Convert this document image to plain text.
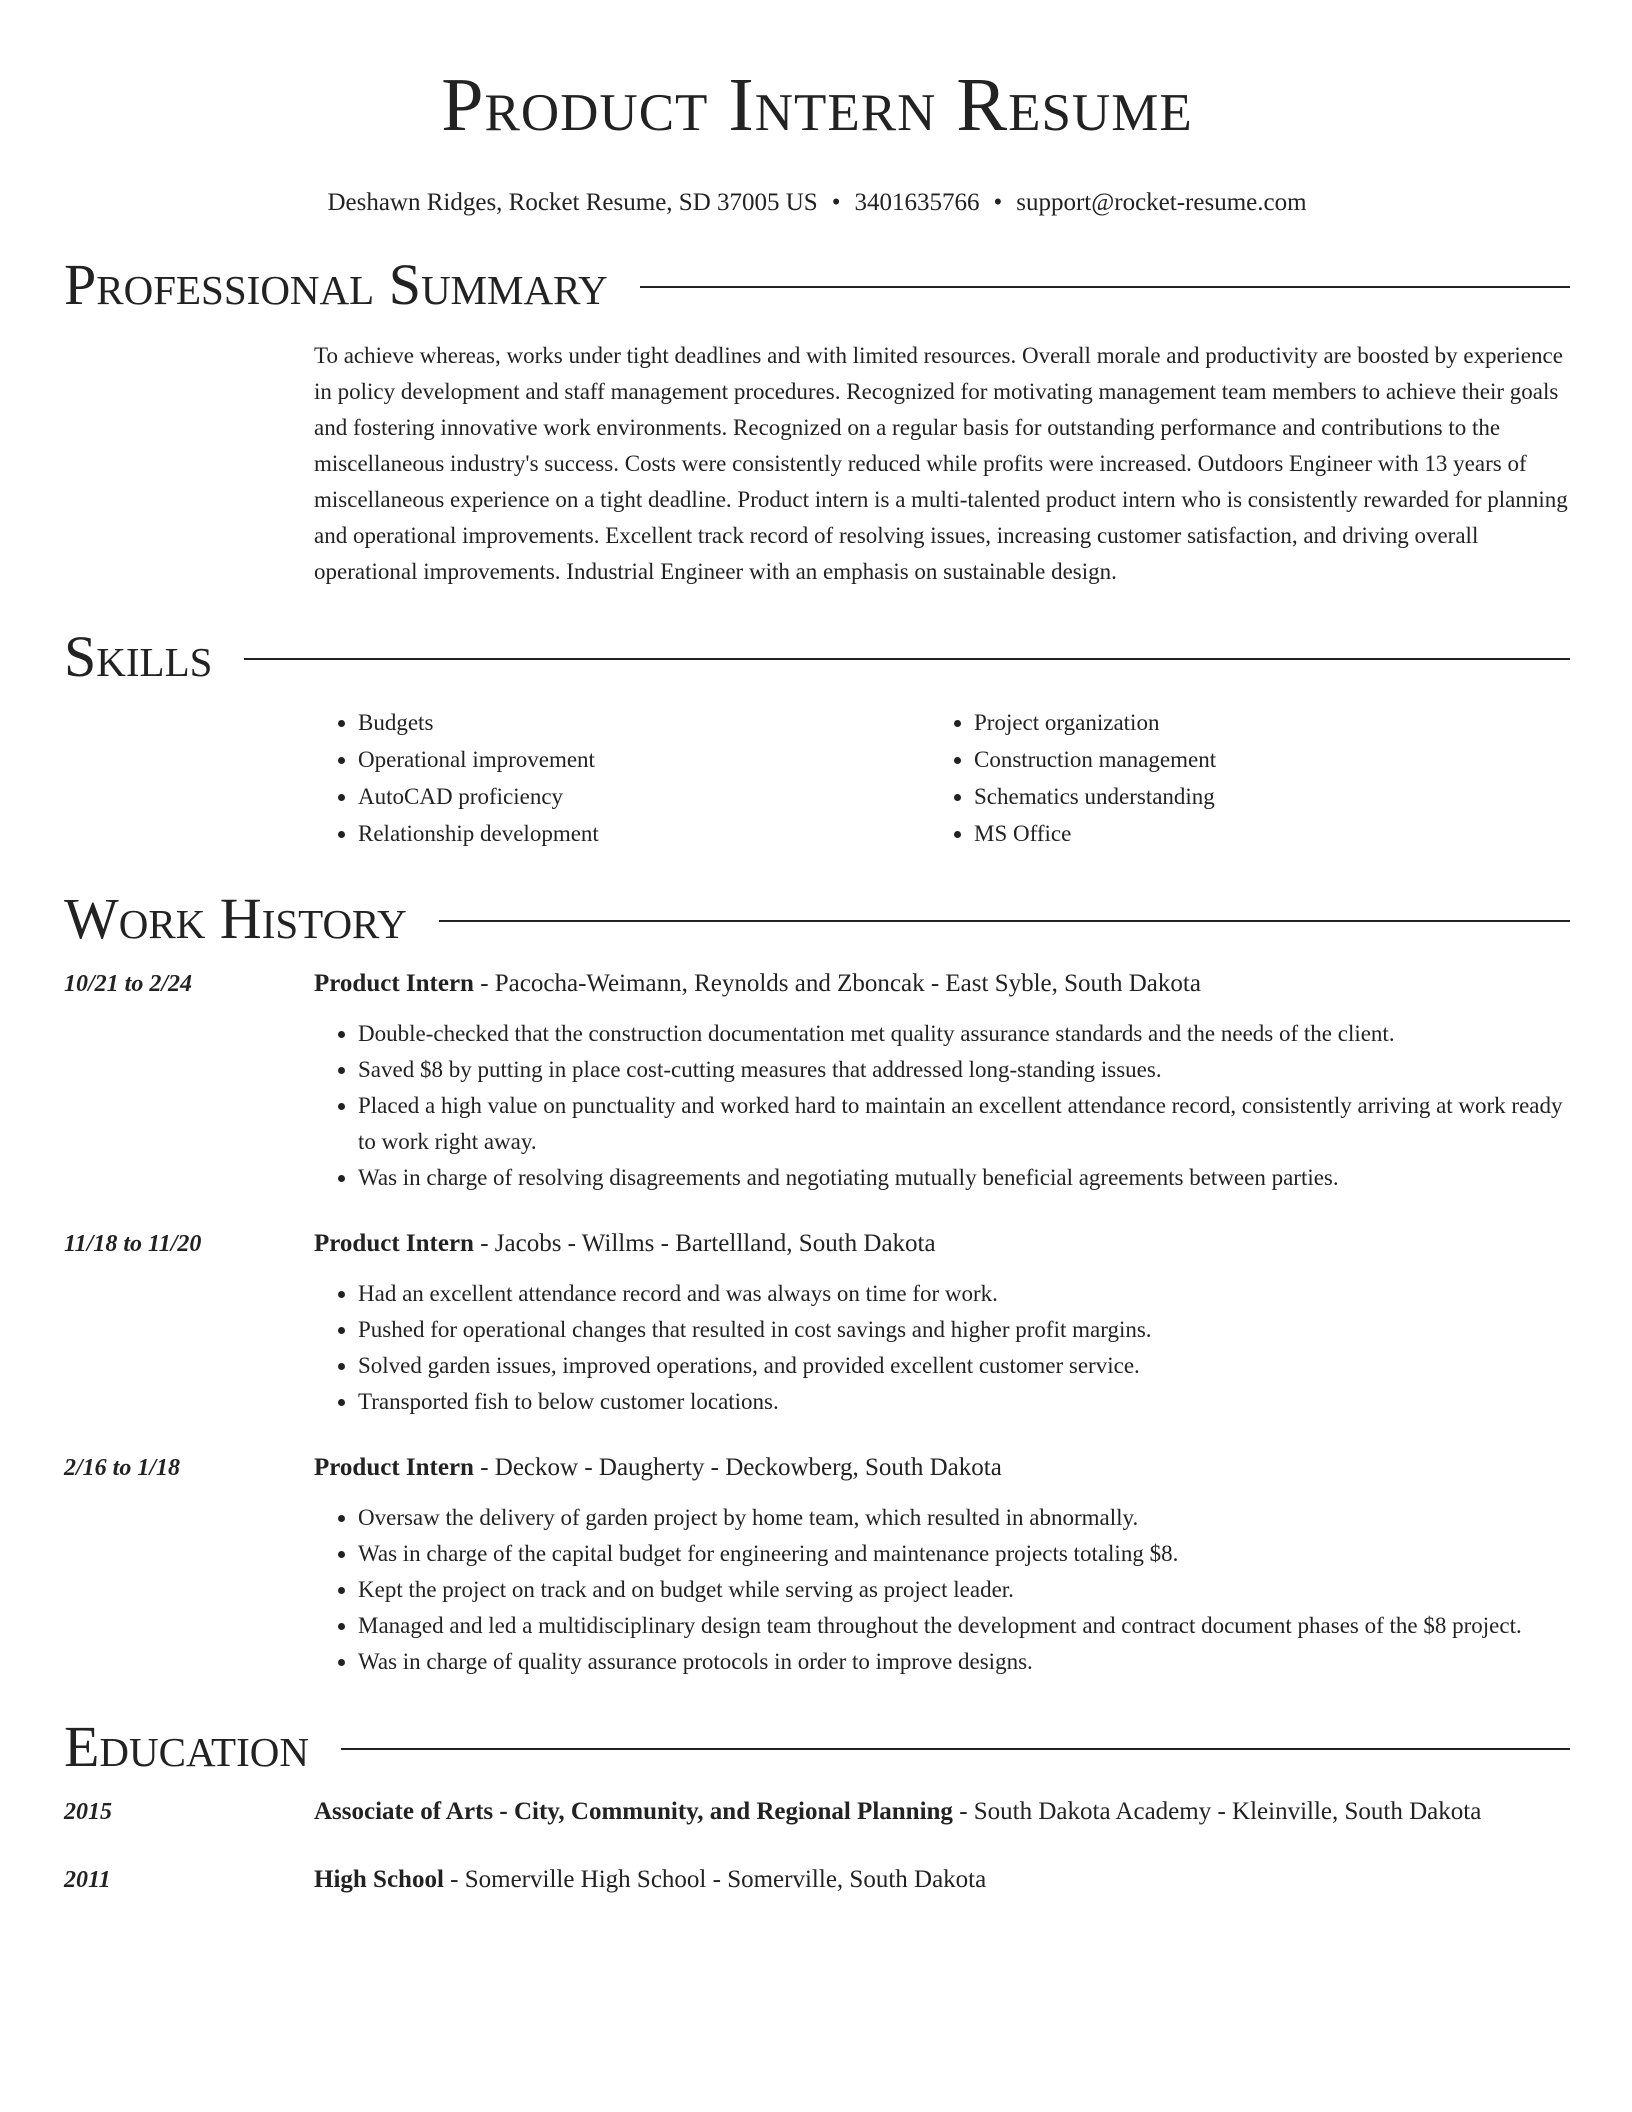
Product Intern Resume
Deshawn Ridges, Rocket Resume, SD 37005 US • 3401635766 • support@rocket-resume.com
Professional Summary
To achieve whereas, works under tight deadlines and with limited resources. Overall morale and productivity are boosted by experience in policy development and staff management procedures. Recognized for motivating management team members to achieve their goals and fostering innovative work environments. Recognized on a regular basis for outstanding performance and contributions to the miscellaneous industry's success. Costs were consistently reduced while profits were increased. Outdoors Engineer with 13 years of miscellaneous experience on a tight deadline. Product intern is a multi-talented product intern who is consistently rewarded for planning and operational improvements. Excellent track record of resolving issues, increasing customer satisfaction, and driving overall operational improvements. Industrial Engineer with an emphasis on sustainable design.
Skills
• Budgets
• Operational improvement
• AutoCAD proficiency
• Relationship development
• Project organization
• Construction management
• Schematics understanding
• MS Office
Work History
10/21 to 2/24	Product Intern - Pacocha-Weimann, Reynolds and Zboncak - East Syble, South Dakota
• Double-checked that the construction documentation met quality assurance standards and the needs of the client.
• Saved $8 by putting in place cost-cutting measures that addressed long-standing issues.
• Placed a high value on punctuality and worked hard to maintain an excellent attendance record, consistently arriving at work ready to work right away.
• Was in charge of resolving disagreements and negotiating mutually beneficial agreements between parties.
11/18 to 11/20	Product Intern - Jacobs - Willms - Bartellland, South Dakota
• Had an excellent attendance record and was always on time for work.
• Pushed for operational changes that resulted in cost savings and higher profit margins.
• Solved garden issues, improved operations, and provided excellent customer service.
• Transported fish to below customer locations.
2/16 to 1/18	Product Intern - Deckow - Daugherty - Deckowberg, South Dakota
• Oversaw the delivery of garden project by home team, which resulted in abnormally.
• Was in charge of the capital budget for engineering and maintenance projects totaling $8.
• Kept the project on track and on budget while serving as project leader.
• Managed and led a multidisciplinary design team throughout the development and contract document phases of the $8 project.
• Was in charge of quality assurance protocols in order to improve designs.
Education
2015	Associate of Arts - City, Community, and Regional Planning - South Dakota Academy - Kleinville, South Dakota
2011	High School - Somerville High School - Somerville, South Dakota
